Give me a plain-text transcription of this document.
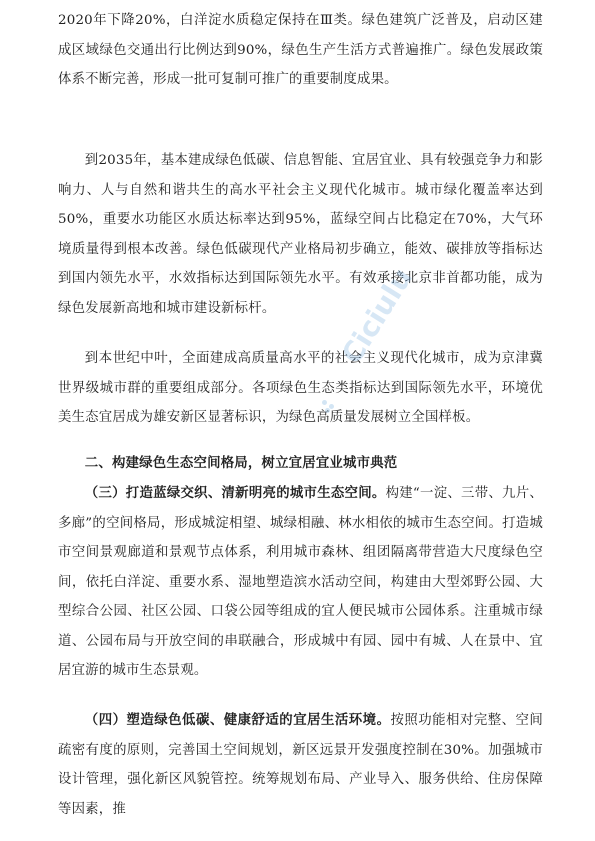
2020年下降20%，白洋淀水质稳定保持在Ⅲ类。绿色建筑广泛普及，启动区建成区域绿色交通出行比例达到90%，绿色生产生活方式普遍推广。绿色发展政策体系不断完善，形成一批可复制可推广的重要制度成果。

到2035年，基本建成绿色低碳、信息智能、宜居宜业、具有较强竞争力和影响力、人与自然和谐共生的高水平社会主义现代化城市。城市绿化覆盖率达到50%，重要水功能区水质达标率达到95%，蓝绿空间占比稳定在70%，大气环境质量得到根本改善。绿色低碳现代产业格局初步确立，能效、碳排放等指标达到国内领先水平，水效指标达到国际领先水平。有效承接北京非首都功能，成为绿色发展新高地和城市建设新标杆。

到本世纪中叶，全面建成高质量高水平的社会主义现代化城市，成为京津冀世界级城市群的重要组成部分。各项绿色生态类指标达到国际领先水平，环境优美生态宜居成为雄安新区显著标识，为绿色高质量发展树立全国样板。

二、构建绿色生态空间格局，树立宜居宜业城市典范

（三）打造蓝绿交织、清新明亮的城市生态空间。构建“一淀、三带、九片、多廊”的空间格局，形成城淀相望、城绿相融、林水相依的城市生态空间。打造城市空间景观廊道和景观节点体系，利用城市森林、组团隔离带营造大尺度绿色空间，依托白洋淀、重要水系、湿地塑造滨水活动空间，构建由大型郊野公园、大型综合公园、社区公园、口袋公园等组成的宜人便民城市公园体系。注重城市绿道、公园布局与开放空间的串联融合，形成城中有园、园中有城、人在景中、宜居宜游的城市生态景观。

（四）塑造绿色低碳、健康舒适的宜居生活环境。按照功能相对完整、空间疏密有度的原则，完善国土空间规划，新区远景开发强度控制在30%。加强城市设计管理，强化新区风貌管控。统筹规划布局、产业导入、服务供给、住房保障等因素，推

Ciciulu
